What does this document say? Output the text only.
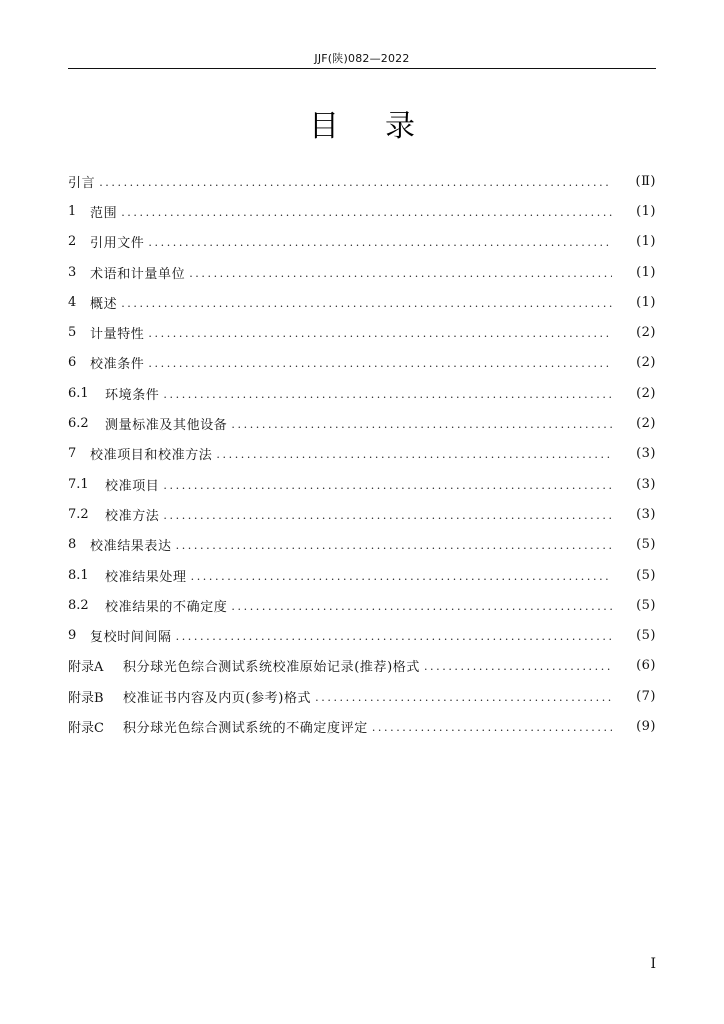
JJF(陕)082—2022
目录
引言 .....	(Ⅱ)
1	范围 .....	(1)
2	引用文件 .....	(1)
3	术语和计量单位 .....	(1)
4	概述 .....	(1)
5	计量特性 .....	(2)
6	校准条件 .....	(2)
6.1	环境条件 .....	(2)
6.2	测量标准及其他设备 .....	(2)
7	校准项目和校准方法 .....	(3)
7.1	校准项目 .....	(3)
7.2	校准方法 .....	(3)
8	校准结果表达 .....	(5)
8.1	校准结果处理 .....	(5)
8.2	校准结果的不确定度 .....	(5)
9	复校时间间隔 .....	(5)
附录A	积分球光色综合测试系统校准原始记录(推荐)格式 .....	(6)
附录B	校准证书内容及内页(参考)格式 .....	(7)
附录C	积分球光色综合测试系统的不确定度评定 .....	(9)
Ⅰ
